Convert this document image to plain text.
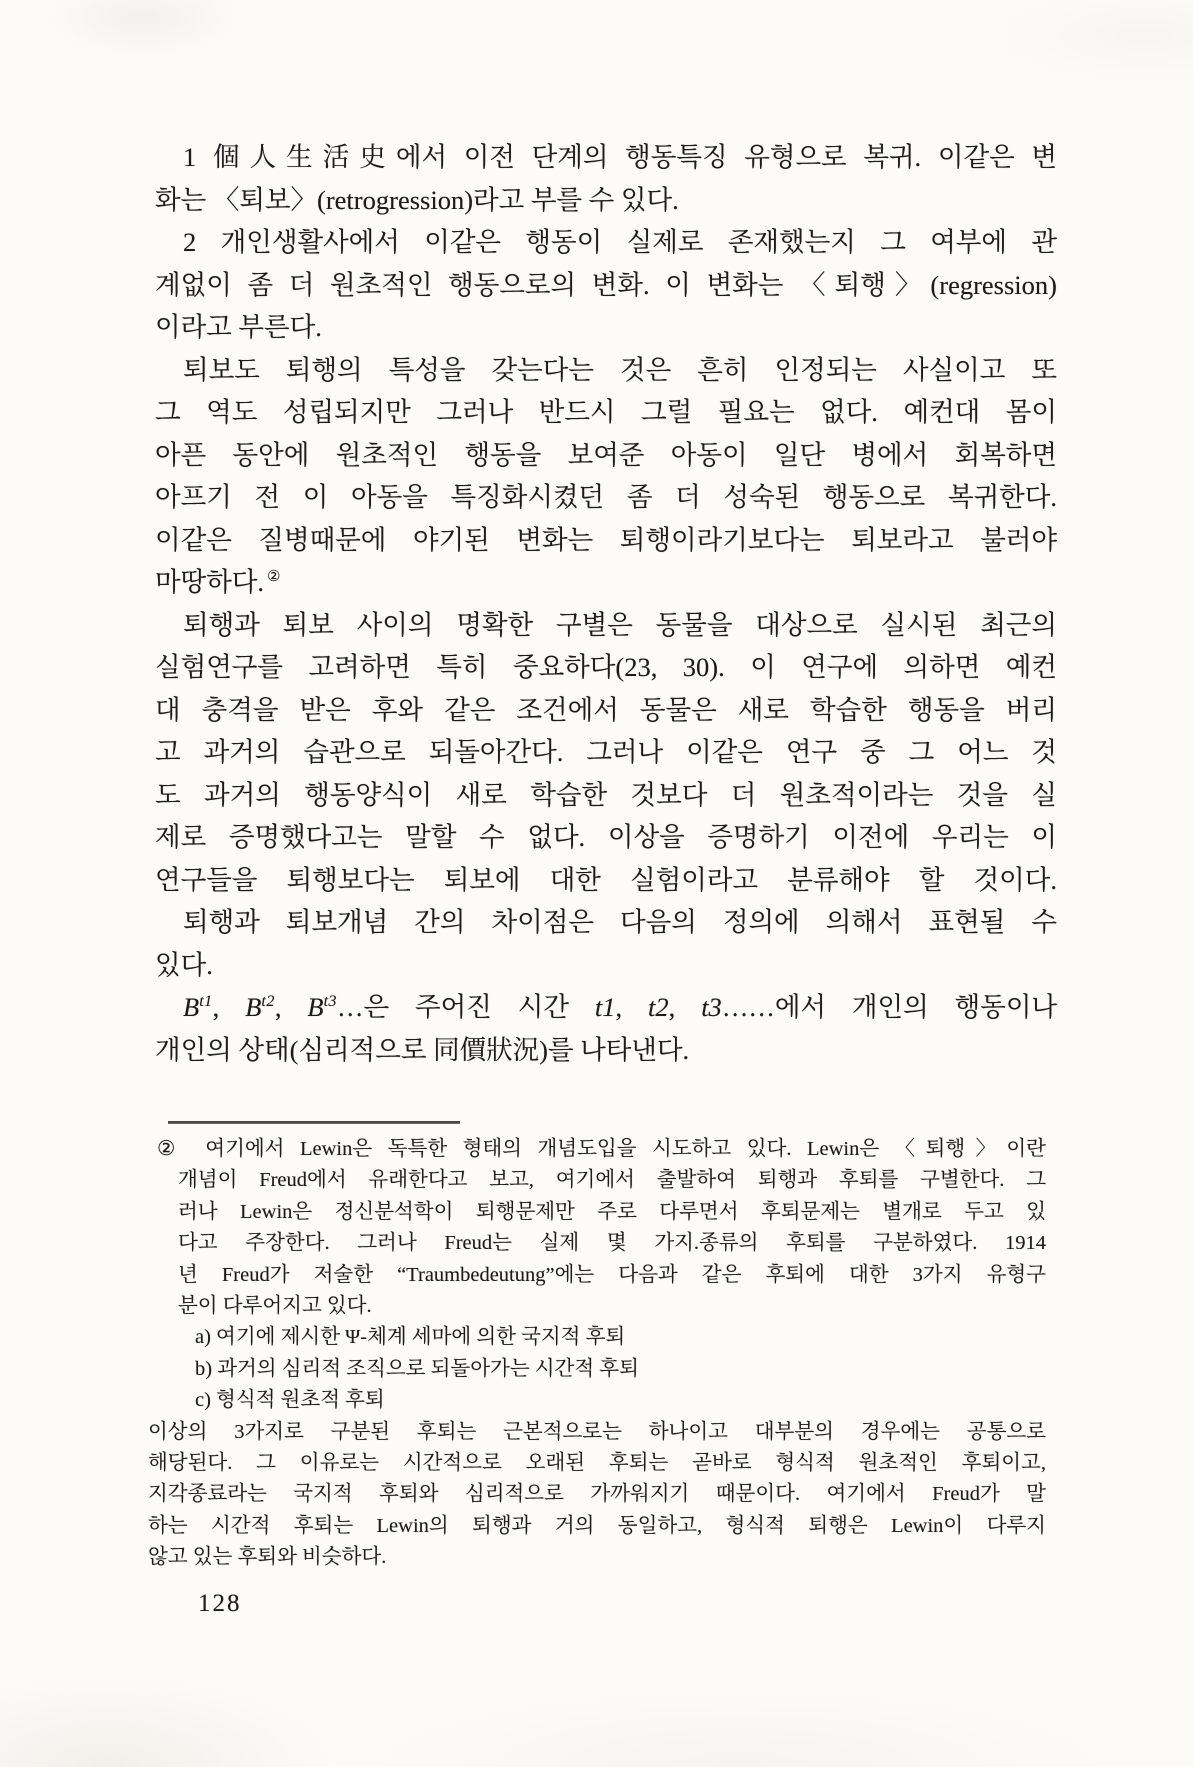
1 個人生活史에서 이전 단계의 행동특징 유형으로 복귀. 이같은 변
화는 〈퇴보〉(retrogression)라고 부를 수 있다.
2 개인생활사에서 이같은 행동이 실제로 존재했는지 그 여부에 관
계없이 좀 더 원초적인 행동으로의 변화. 이 변화는 〈퇴행〉(regression)
이라고 부른다.
퇴보도 퇴행의 특성을 갖는다는 것은 흔히 인정되는 사실이고 또
그 역도 성립되지만 그러나 반드시 그럴 필요는 없다. 예컨대 몸이
아픈 동안에 원초적인 행동을 보여준 아동이 일단 병에서 회복하면
아프기 전 이 아동을 특징화시켰던 좀 더 성숙된 행동으로 복귀한다.
이같은 질병때문에 야기된 변화는 퇴행이라기보다는 퇴보라고 불러야
마땅하다. ②
퇴행과 퇴보 사이의 명확한 구별은 동물을 대상으로 실시된 최근의
실험연구를 고려하면 특히 중요하다(23, 30). 이 연구에 의하면 예컨
대 충격을 받은 후와 같은 조건에서 동물은 새로 학습한 행동을 버리
고 과거의 습관으로 되돌아간다. 그러나 이같은 연구 중 그 어느 것
도 과거의 행동양식이 새로 학습한 것보다 더 원초적이라는 것을 실
제로 증명했다고는 말할 수 없다. 이상을 증명하기 이전에 우리는 이
연구들을 퇴행보다는 퇴보에 대한 실험이라고 분류해야 할 것이다.
퇴행과 퇴보개념 간의 차이점은 다음의 정의에 의해서 표현될 수
있다.
$B^{t1}$, $B^{t2}$, $B^{t3}\dots$은 주어진 시간 t1, t2, t3……에서 개인의 행동이나
개인의 상태(심리적으로 同價狀況)를 나타낸다.
② 여기에서 Lewin은 독특한 형태의 개념도입을 시도하고 있다. Lewin은 〈퇴행〉이란
개념이 Freud에서 유래한다고 보고, 여기에서 출발하여 퇴행과 후퇴를 구별한다. 그
러나 Lewin은 정신분석학이 퇴행문제만 주로 다루면서 후퇴문제는 별개로 두고 있
다고 주장한다. 그러나 Freud는 실제 몇 가지.종류의 후퇴를 구분하였다. 1914
년 Freud가 저술한 “Traumbedeutung”에는 다음과 같은 후퇴에 대한 3가지 유형구
분이 다루어지고 있다.
a) 여기에 제시한 Ψ-체계 세마에 의한 국지적 후퇴
b) 과거의 심리적 조직으로 되돌아가는 시간적 후퇴
c) 형식적 원초적 후퇴
이상의 3가지로 구분된 후퇴는 근본적으로는 하나이고 대부분의 경우에는 공통으로
해당된다. 그 이유로는 시간적으로 오래된 후퇴는 곧바로 형식적 원초적인 후퇴이고,
지각종료라는 국지적 후퇴와 심리적으로 가까워지기 때문이다. 여기에서 Freud가 말
하는 시간적 후퇴는 Lewin의 퇴행과 거의 동일하고, 형식적 퇴행은 Lewin이 다루지
않고 있는 후퇴와 비슷하다.
128
